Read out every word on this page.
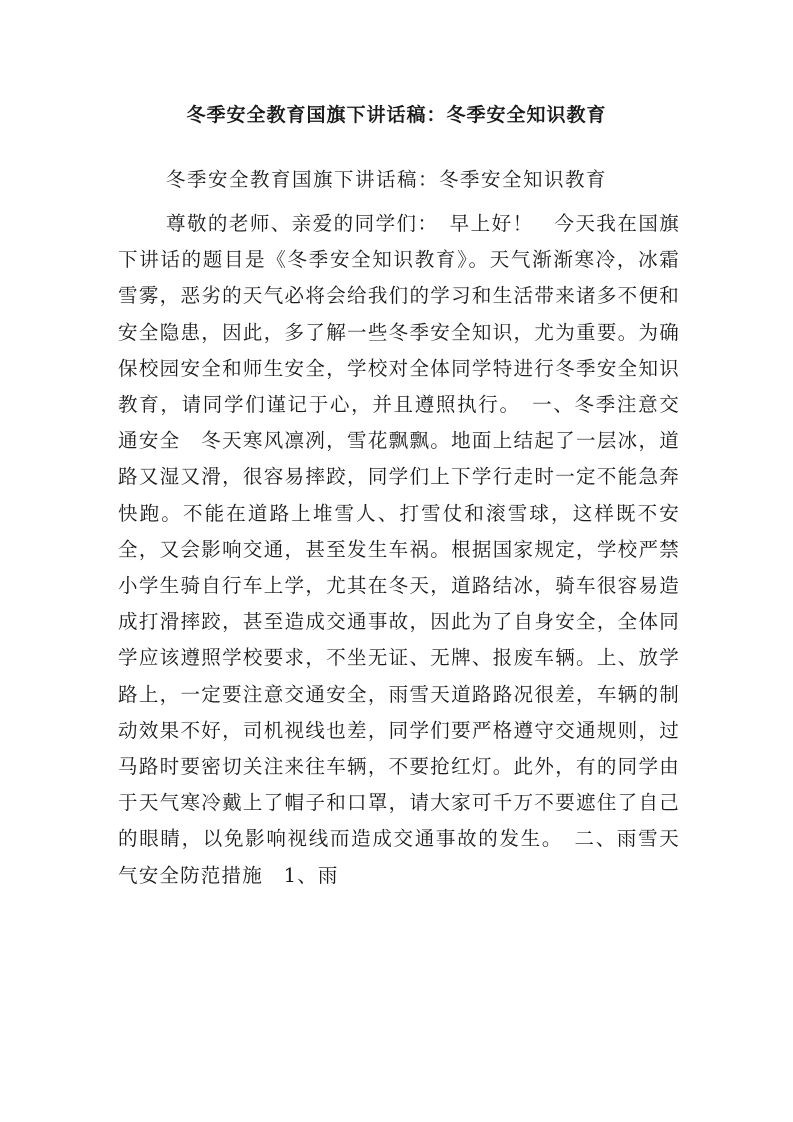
冬季安全教育国旗下讲话稿：冬季安全知识教育
冬季安全教育国旗下讲话稿：冬季安全知识教育

尊敬的老师、亲爱的同学们：　早上好！　今天我在国旗下讲话的题目是《冬季安全知识教育》。天气渐渐寒冷，冰霜雪雾，恶劣的天气必将会给我们的学习和生活带来诸多不便和安全隐患，因此，多了解一些冬季安全知识，尤为重要。为确保校园安全和师生安全，学校对全体同学特进行冬季安全知识教育，请同学们谨记于心，并且遵照执行。　一、冬季注意交通安全　冬天寒风凛冽，雪花飘飘。地面上结起了一层冰，道路又湿又滑，很容易摔跤，同学们上下学行走时一定不能急奔快跑。不能在道路上堆雪人、打雪仗和滚雪球，这样既不安全，又会影响交通，甚至发生车祸。根据国家规定，学校严禁小学生骑自行车上学，尤其在冬天，道路结冰，骑车很容易造成打滑摔跤，甚至造成交通事故，因此为了自身安全，全体同学应该遵照学校要求，不坐无证、无牌、报废车辆。上、放学路上，一定要注意交通安全，雨雪天道路路况很差，车辆的制动效果不好，司机视线也差，同学们要严格遵守交通规则，过马路时要密切关注来往车辆，不要抢红灯。此外，有的同学由于天气寒冷戴上了帽子和口罩，请大家可千万不要遮住了自己的眼睛，以免影响视线而造成交通事故的发生。　二、雨雪天气安全防范措施　1、雨
